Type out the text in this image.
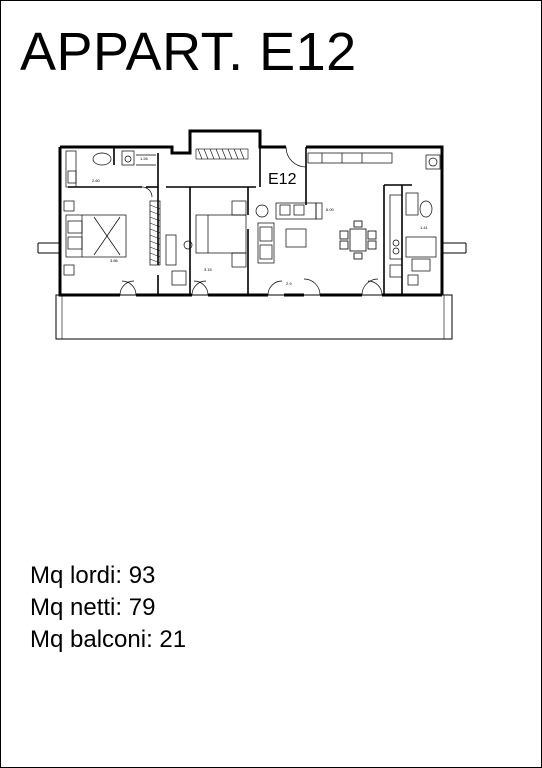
APPART. E12
1.26
2.60
1.41
3.86
3.15
6.00
2.9
E12
Mq lordi: 93
Mq netti: 79
Mq balconi: 21
